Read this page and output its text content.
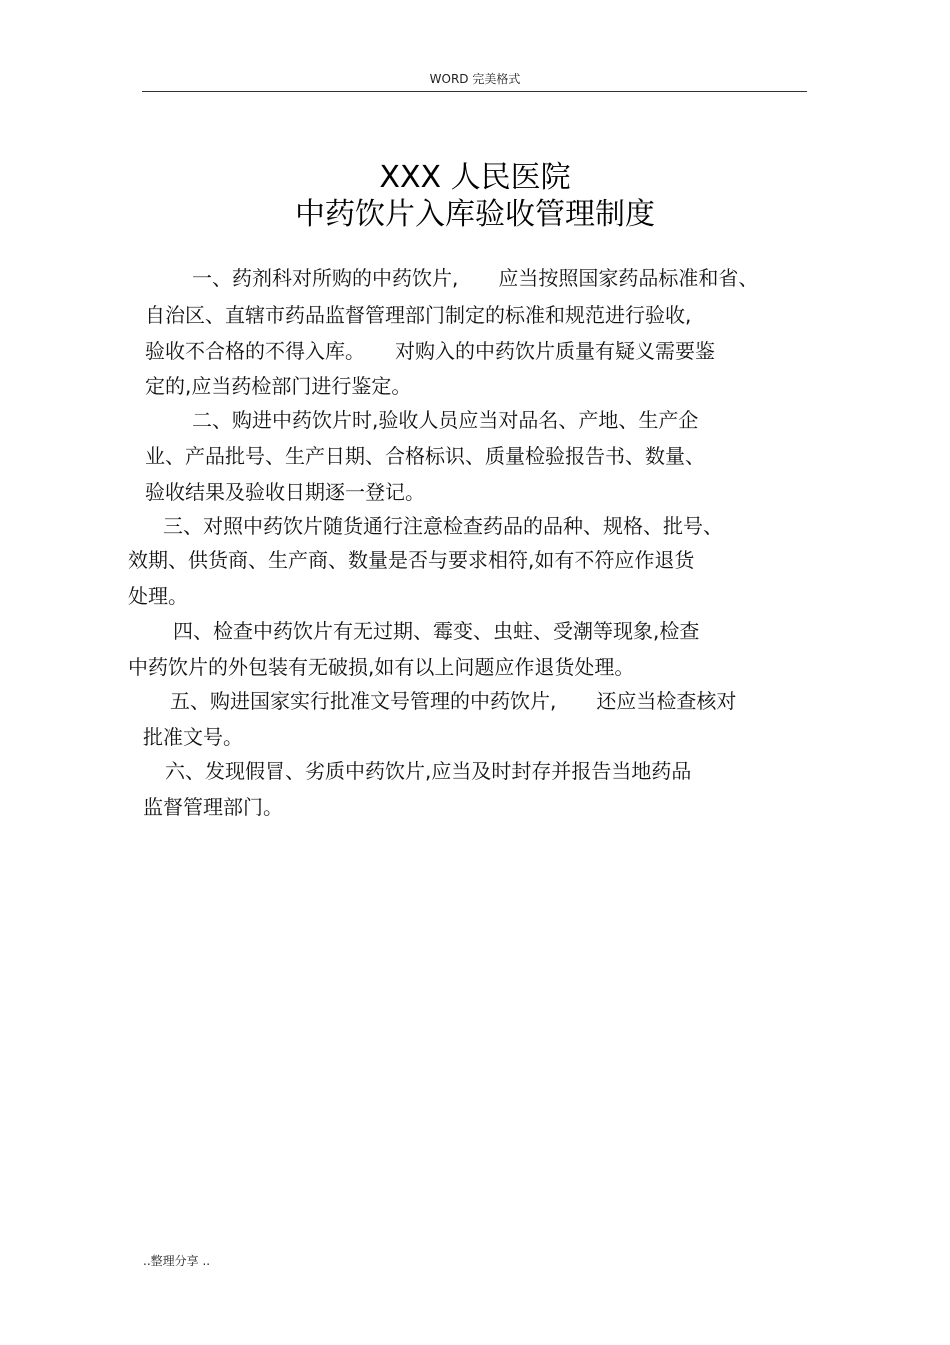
WORD 完美格式
XXX 人民医院
中药饮片入库验收管理制度
一、药剂科对所购的中药饮片,　　应当按照国家药品标准和省、
自治区、直辖市药品监督管理部门制定的标准和规范进行验收,
验收不合格的不得入库。　　对购入的中药饮片质量有疑义需要鉴
定的,应当药检部门进行鉴定。
二、购进中药饮片时,验收人员应当对品名、产地、生产企
业、产品批号、生产日期、合格标识、质量检验报告书、数量、
验收结果及验收日期逐一登记。
三、对照中药饮片随货通行注意检查药品的品种、规格、批号、
效期、供货商、生产商、数量是否与要求相符,如有不符应作退货
处理。
四、检查中药饮片有无过期、霉变、虫蛀、受潮等现象,检查
中药饮片的外包装有无破损,如有以上问题应作退货处理。
五、购进国家实行批准文号管理的中药饮片,　　还应当检查核对
批准文号。
六、发现假冒、劣质中药饮片,应当及时封存并报告当地药品
监督管理部门。
..整理分享 ..
